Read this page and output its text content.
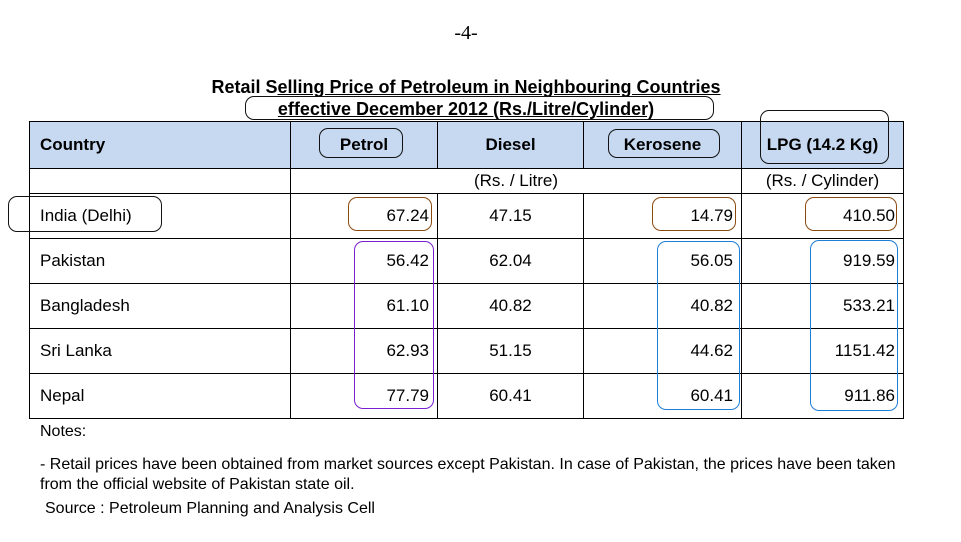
-4-
Retail Selling Price of Petroleum in Neighbouring Countries
effective December 2012 (Rs./Litre/Cylinder)
Country	Petrol	Diesel	Kerosene	LPG (14.2 Kg)
	(Rs. / Litre)			(Rs. / Cylinder)
India (Delhi)	67.24	47.15	14.79	410.50
Pakistan	56.42	62.04	56.05	919.59
Bangladesh	61.10	40.82	40.82	533.21
Sri Lanka	62.93	51.15	44.62	1151.42
Nepal	77.79	60.41	60.41	911.86
Notes:
- Retail prices have been obtained from market sources except Pakistan. In case of Pakistan, the prices have been taken from the official website of Pakistan state oil.
Source : Petroleum Planning and Analysis Cell
